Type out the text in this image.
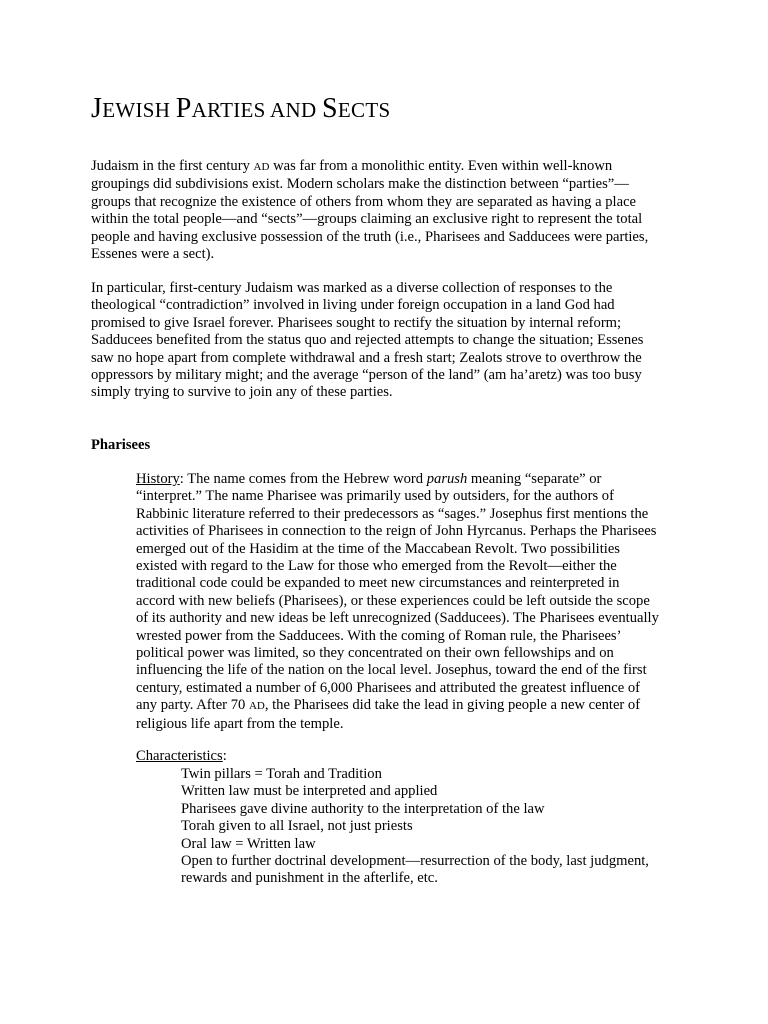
JEWISH PARTIES AND SECTS

Judaism in the first century AD was far from a monolithic entity. Even within well-known
groupings did subdivisions exist. Modern scholars make the distinction between “parties”—
groups that recognize the existence of others from whom they are separated as having a place
within the total people—and “sects”—groups claiming an exclusive right to represent the total
people and having exclusive possession of the truth (i.e., Pharisees and Sadducees were parties,
Essenes were a sect).

In particular, first-century Judaism was marked as a diverse collection of responses to the
theological “contradiction” involved in living under foreign occupation in a land God had
promised to give Israel forever. Pharisees sought to rectify the situation by internal reform;
Sadducees benefited from the status quo and rejected attempts to change the situation; Essenes
saw no hope apart from complete withdrawal and a fresh start; Zealots strove to overthrow the
oppressors by military might; and the average “person of the land” (am ha’aretz) was too busy
simply trying to survive to join any of these parties.

Pharisees

History: The name comes from the Hebrew word parush meaning “separate” or
“interpret.” The name Pharisee was primarily used by outsiders, for the authors of
Rabbinic literature referred to their predecessors as “sages.” Josephus first mentions the
activities of Pharisees in connection to the reign of John Hyrcanus. Perhaps the Pharisees
emerged out of the Hasidim at the time of the Maccabean Revolt. Two possibilities
existed with regard to the Law for those who emerged from the Revolt—either the
traditional code could be expanded to meet new circumstances and reinterpreted in
accord with new beliefs (Pharisees), or these experiences could be left outside the scope
of its authority and new ideas be left unrecognized (Sadducees). The Pharisees eventually
wrested power from the Sadducees. With the coming of Roman rule, the Pharisees’
political power was limited, so they concentrated on their own fellowships and on
influencing the life of the nation on the local level. Josephus, toward the end of the first
century, estimated a number of 6,000 Pharisees and attributed the greatest influence of
any party. After 70 AD, the Pharisees did take the lead in giving people a new center of
religious life apart from the temple.

Characteristics:

Twin pillars = Torah and Tradition
Written law must be interpreted and applied
Pharisees gave divine authority to the interpretation of the law
Torah given to all Israel, not just priests
Oral law = Written law
Open to further doctrinal development—resurrection of the body, last judgment,
rewards and punishment in the afterlife, etc.
